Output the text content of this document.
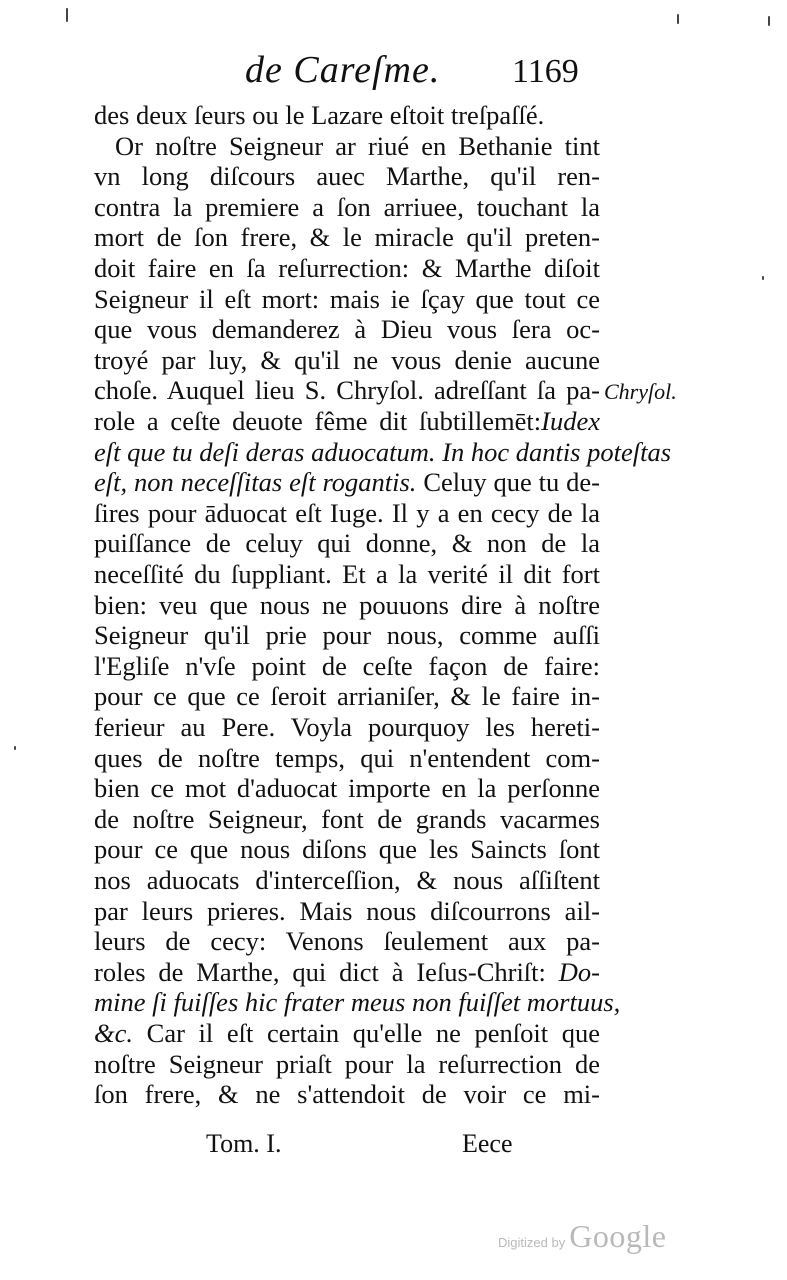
de Careſme. 1169
des deux ſeurs ou le Lazare eſtoit treſpaſſé.
Or noſtre Seigneur ar riué en Bethanie tint
vn long diſcours auec Marthe, qu'il ren-
contra la premiere a ſon arriuee, touchant la
mort de ſon frere, & le miracle qu'il preten-
doit faire en ſa reſurrection: & Marthe diſoit
Seigneur il eſt mort: mais ie ſçay que tout ce
que vous demanderez à Dieu vous ſera oc-
troyé par luy, & qu'il ne vous denie aucune
choſe. Auquel lieu S. Chryſol. adreſſant ſa pa-
role a ceſte deuote fême dit ſubtillemēt:Iudex
eſt que tu deſi deras aduocatum. In hoc dantis poteſtas
eſt, non neceſſitas eſt rogantis. Celuy que tu de-
ſires pour āduocat eſt Iuge. Il y a en cecy de la
puiſſance de celuy qui donne, & non de la
neceſſité du ſuppliant. Et a la verité il dit fort
bien: veu que nous ne pouuons dire à noſtre
Seigneur qu'il prie pour nous, comme auſſi
l'Egliſe n'vſe point de ceſte façon de faire:
pour ce que ce ſeroit arrianiſer, & le faire in-
ferieur au Pere. Voyla pourquoy les hereti-
ques de noſtre temps, qui n'entendent com-
bien ce mot d'aduocat importe en la perſonne
de noſtre Seigneur, font de grands vacarmes
pour ce que nous diſons que les Saincts ſont
nos aduocats d'interceſſion, & nous aſſiſtent
par leurs prieres. Mais nous diſcourrons ail-
leurs de cecy: Venons ſeulement aux pa-
Chryſol.
Tom. I.	Eece
Digitized by Google
roles de Marthe, qui dict à Ieſus-Chriſt: Do-
mine ſi fuiſſes hic frater meus non fuiſſet mortuus,
&c. Car il eſt certain qu'elle ne penſoit que
noſtre Seigneur priaſt pour la reſurrection de
ſon frere, & ne s'attendoit de voir ce mi-
